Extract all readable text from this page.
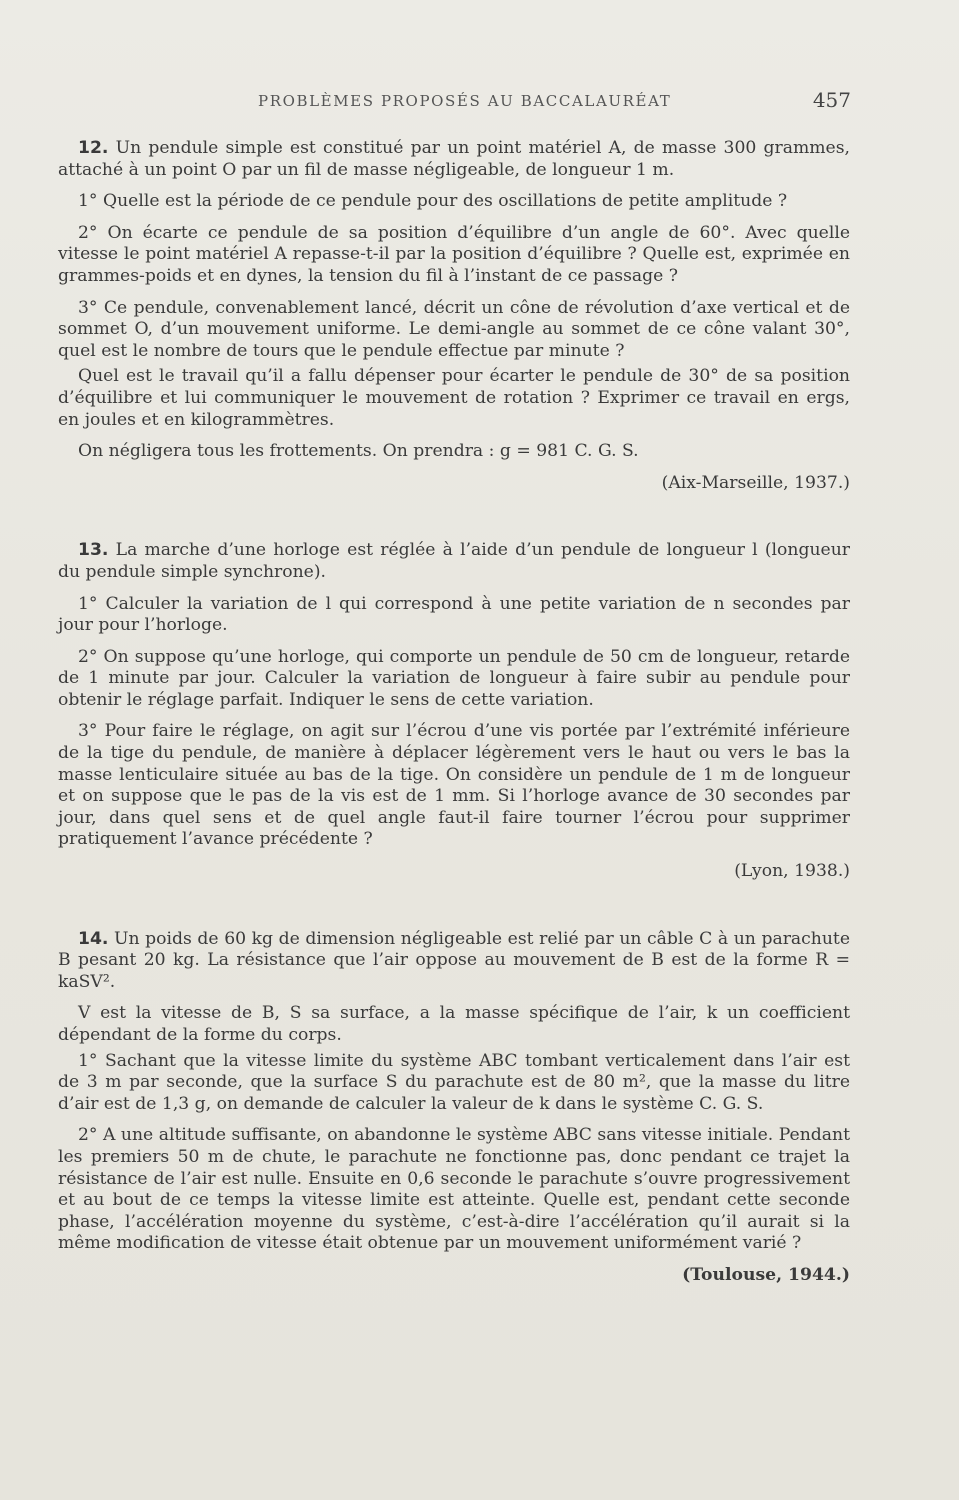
PROBLÈMES PROPOSÉS AU BACCALAURÉAT	457

12. Un pendule simple est constitué par un point matériel A, de masse 300 grammes, attaché à un point O par un fil de masse négligeable, de longueur 1 m.

1° Quelle est la période de ce pendule pour des oscillations de petite amplitude ?

2° On écarte ce pendule de sa position d’équilibre d’un angle de 60°. Avec quelle vitesse le point matériel A repasse-t-il par la position d’équilibre ? Quelle est, exprimée en grammes-poids et en dynes, la tension du fil à l’instant de ce passage ?

3° Ce pendule, convenablement lancé, décrit un cône de révolution d’axe vertical et de sommet O, d’un mouvement uniforme. Le demi-angle au sommet de ce cône valant 30°, quel est le nombre de tours que le pendule effectue par minute ?

Quel est le travail qu’il a fallu dépenser pour écarter le pendule de 30° de sa position d’équilibre et lui communiquer le mouvement de rotation ? Exprimer ce travail en ergs, en joules et en kilogrammètres.

On négligera tous les frottements. On prendra : g = 981 C. G. S.

(Aix-Marseille, 1937.)

13. La marche d’une horloge est réglée à l’aide d’un pendule de longueur l (longueur du pendule simple synchrone).

1° Calculer la variation de l qui correspond à une petite variation de n secondes par jour pour l’horloge.

2° On suppose qu’une horloge, qui comporte un pendule de 50 cm de longueur, retarde de 1 minute par jour. Calculer la variation de longueur à faire subir au pendule pour obtenir le réglage parfait. Indiquer le sens de cette variation.

3° Pour faire le réglage, on agit sur l’écrou d’une vis portée par l’extrémité inférieure de la tige du pendule, de manière à déplacer légèrement vers le haut ou vers le bas la masse lenticulaire située au bas de la tige. On considère un pendule de 1 m de longueur et on suppose que le pas de la vis est de 1 mm. Si l’horloge avance de 30 secondes par jour, dans quel sens et de quel angle faut-il faire tourner l’écrou pour supprimer pratiquement l’avance précédente ?

(Lyon, 1938.)

14. Un poids de 60 kg de dimension négligeable est relié par un câble C à un parachute B pesant 20 kg. La résistance que l’air oppose au mouvement de B est de la forme R = kaSV².

V est la vitesse de B, S sa surface, a la masse spécifique de l’air, k un coefficient dépendant de la forme du corps.

1° Sachant que la vitesse limite du système ABC tombant verticalement dans l’air est de 3 m par seconde, que la surface S du parachute est de 80 m², que la masse du litre d’air est de 1,3 g, on demande de calculer la valeur de k dans le système C. G. S.

2° A une altitude suffisante, on abandonne le système ABC sans vitesse initiale. Pendant les premiers 50 m de chute, le parachute ne fonctionne pas, donc pendant ce trajet la résistance de l’air est nulle. Ensuite en 0,6 seconde le parachute s’ouvre progressivement et au bout de ce temps la vitesse limite est atteinte. Quelle est, pendant cette seconde phase, l’accélération moyenne du système, c’est-à-dire l’accélération qu’il aurait si la même modification de vitesse était obtenue par un mouvement uniformément varié ?

(Toulouse, 1944.)
